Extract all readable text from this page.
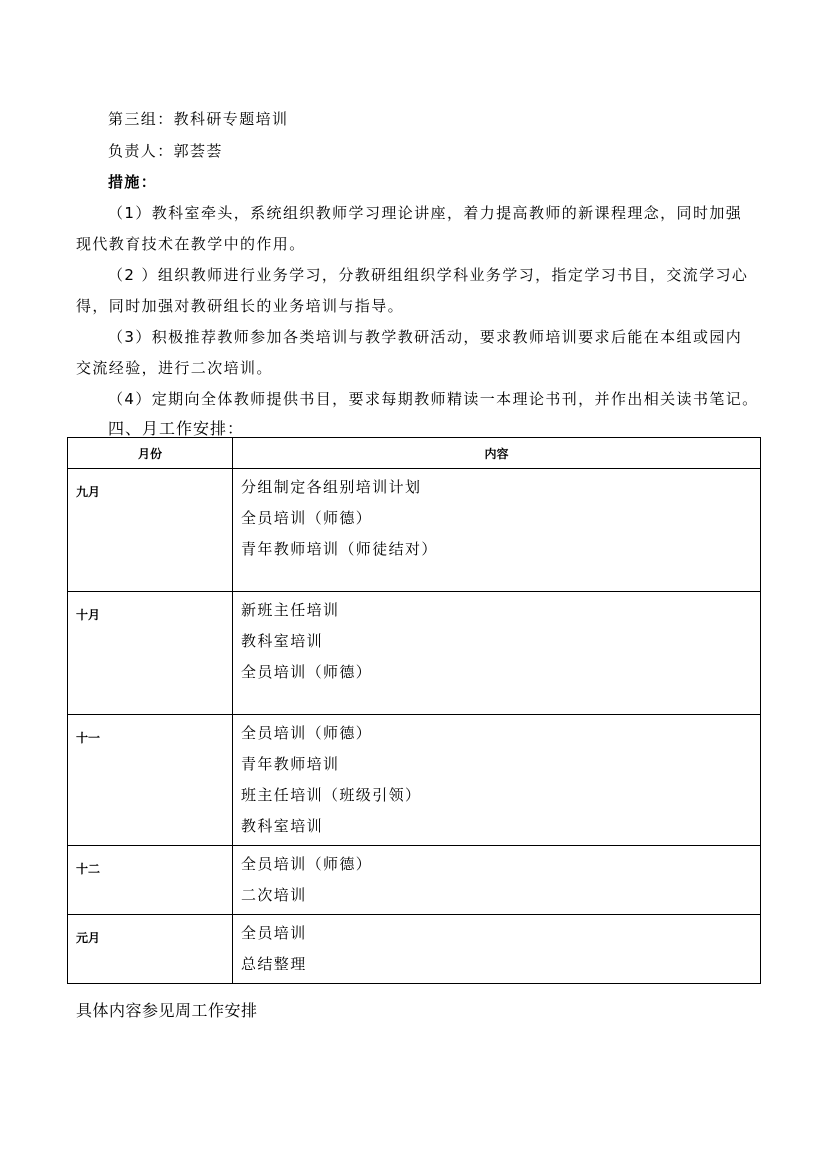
第三组：教科研专题培训
负责人：郭荟荟
措施：
（1）教科室牵头，系统组织教师学习理论讲座，着力提高教师的新课程理念，同时加强
现代教育技术在教学中的作用。
（2 ）组织教师进行业务学习，分教研组组织学科业务学习，指定学习书目，交流学习心
得，同时加强对教研组长的业务培训与指导。
（3）积极推荐教师参加各类培训与教学教研活动，要求教师培训要求后能在本组或园内
交流经验，进行二次培训。
（4）定期向全体教师提供书目，要求每期教师精读一本理论书刊，并作出相关读书笔记。
四、月工作安排：
月份	内容
九月	分组制定各组别培训计划
全员培训（师德）
青年教师培训（师徒结对）

十月	新班主任培训
教科室培训
全员培训（师德）

十一	全员培训（师德）
青年教师培训
班主任培训（班级引领）
教科室培训

十二	全员培训（师德）
二次培训

元月	全员培训
总结整理
具体内容参见周工作安排
